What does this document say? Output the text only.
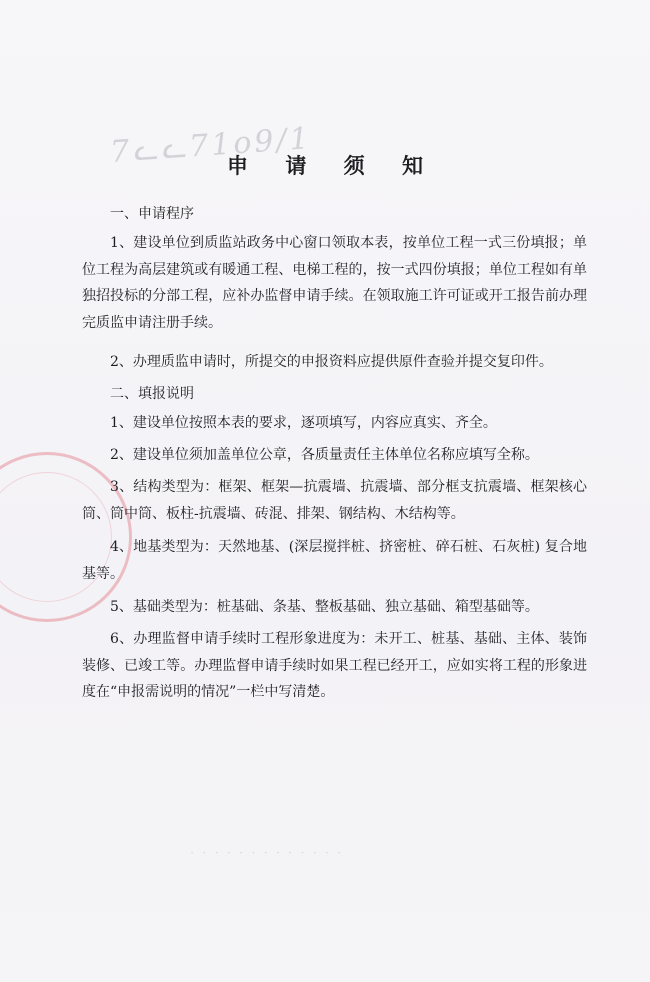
7ᓚᓚ71o9/1
· · · · · · · · · · · · ·
申 请 须 知
一、申请程序
1、建设单位到质监站政务中心窗口领取本表，按单位工程一式三份填报；单位工程为高层建筑或有暖通工程、电梯工程的，按一式四份填报；单位工程如有单独招投标的分部工程，应补办监督申请手续。在领取施工许可证或开工报告前办理完质监申请注册手续。
2、办理质监申请时，所提交的申报资料应提供原件查验并提交复印件。
二、填报说明
1、建设单位按照本表的要求，逐项填写，内容应真实、齐全。
2、建设单位须加盖单位公章，各质量责任主体单位名称应填写全称。
3、结构类型为：框架、框架—抗震墙、抗震墙、部分框支抗震墙、框架核心筒、筒中筒、板柱-抗震墙、砖混、排架、钢结构、木结构等。
4、地基类型为：天然地基、(深层搅拌桩、挤密桩、碎石桩、石灰桩) 复合地基等。
5、基础类型为：桩基础、条基、整板基础、独立基础、箱型基础等。
6、办理监督申请手续时工程形象进度为：未开工、桩基、基础、主体、装饰装修、已竣工等。办理监督申请手续时如果工程已经开工，应如实将工程的形象进度在“申报需说明的情况”一栏中写清楚。
